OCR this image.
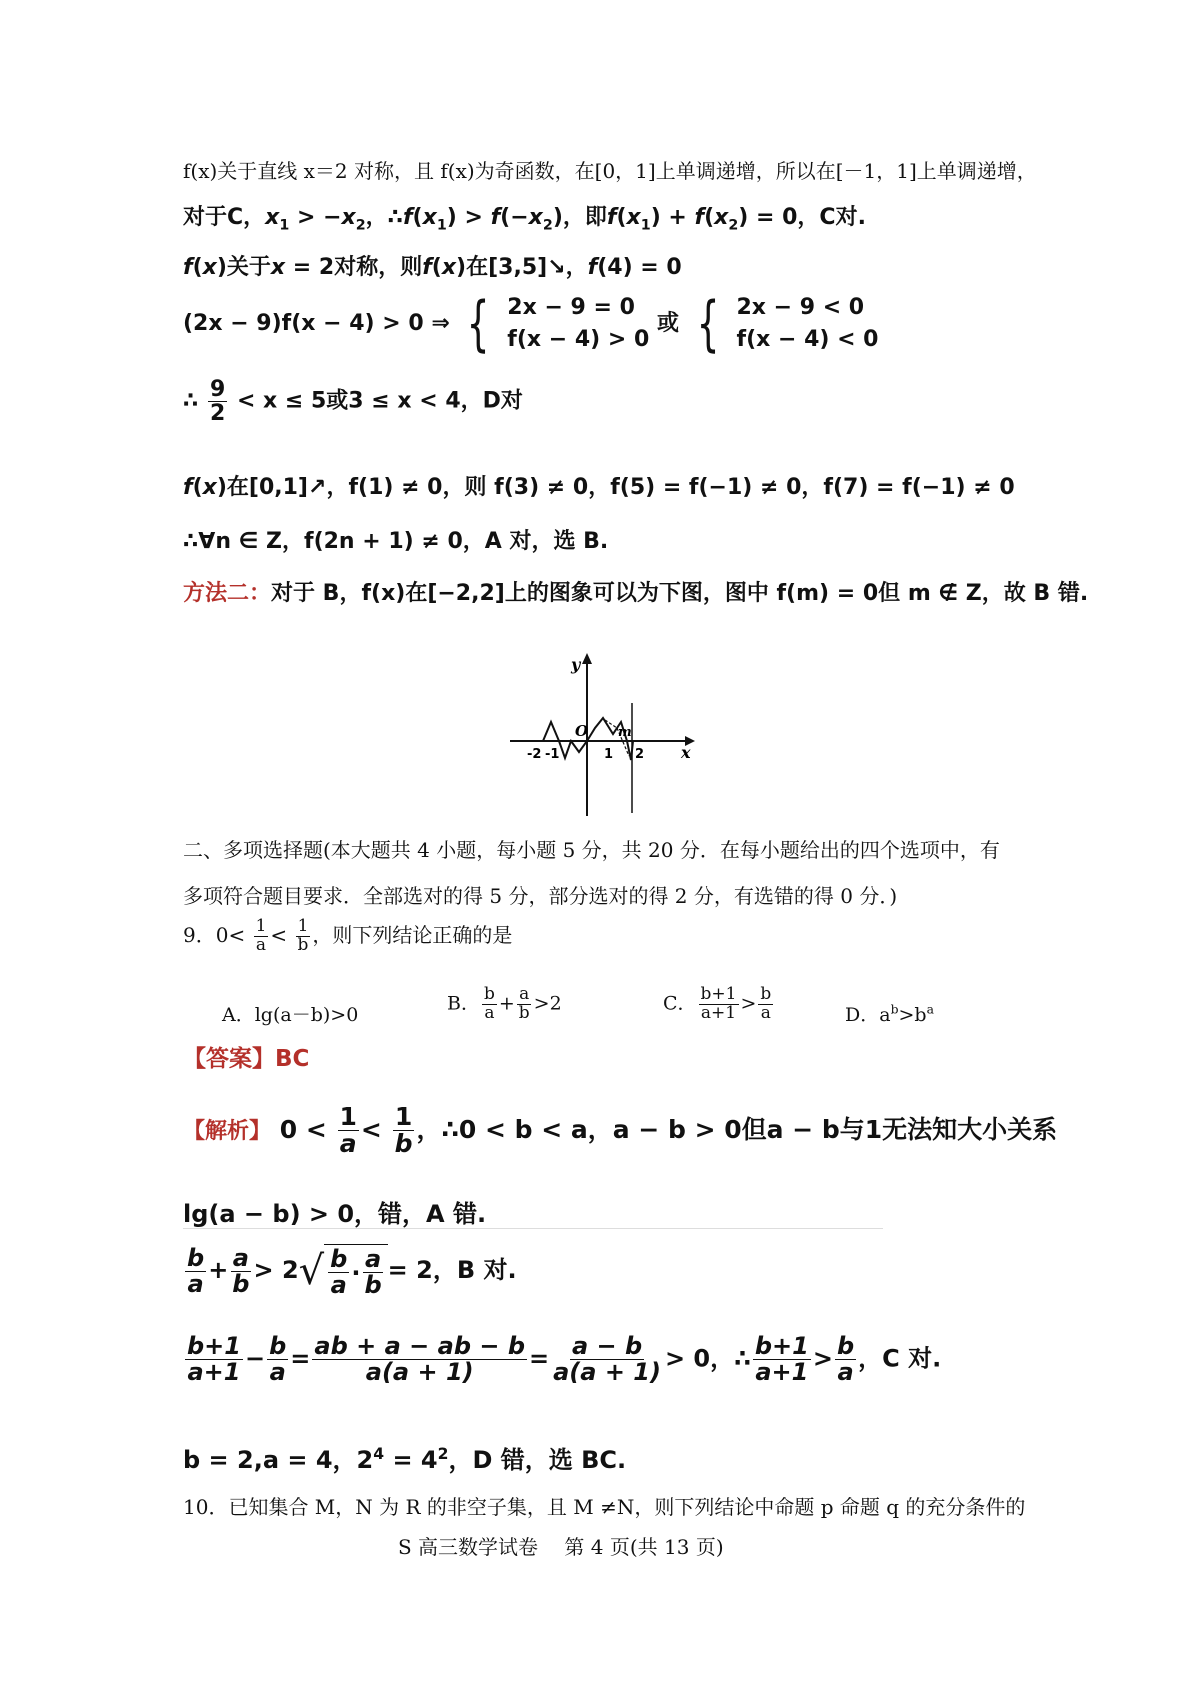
f(x)关于直线 x＝2 对称，且 f(x)为奇函数，在[0，1]上单调递增，所以在[－1，1]上单调递增，
对于C，$x_1 > -x_2$，$\therefore f(x_1) > f(-x_2)$，即$f(x_1) + f(x_2) = 0$，C对.
f(x)关于x = 2对称，则f(x)在[3,5]↘，f(4) = 0
(2x − 9)f(x − 4) > 0 ⇒ { 2x − 9 = 0
f(x − 4) > 0
或 { 2x − 9 < 0
f(x − 4) < 0
∴ $\frac{9}{2} < x \le 5$或3 ≤ x < 4，D对
f(x)在[0,1]↗，f(1) ≠ 0，则 f(3) ≠ 0，f(5) = f(−1) ≠ 0，f(7) = f(−1) ≠ 0
∴∀n ∈ Z，f(2n + 1) ≠ 0，A 对，选 B.
方法二：对于 B，f(x)在[−2,2]上的图象可以为下图，图中 f(m) = 0但 m ∉ Z，故 B 错.
y
x
O m
-2 -1	1 2
二、多项选择题(本大题共 4 小题，每小题 5 分，共 20 分．在每小题给出的四个选项中，有
多项符合题目要求．全部选对的得 5 分，部分选对的得 2 分，有选错的得 0 分．)
9．$0< \frac{1}{a} < \frac{1}{b}$ ，则下列结论正确的是
A．lg(a－b)>0
B． $\frac{b}{a} + \frac{a}{b} >2$	C． $\frac{b+1}{a+1} > \frac{b}{a}$	D．$a^b>b^a$
【答案】BC
【解析】 $0 < \frac{1}{a} < \frac{1}{b}$ ，∴0 < b < a，a − b > 0但a − b与1无法知大小关系
lg(a − b) > 0，错，A 错.
$\frac{b}{a} + \frac{a}{b} > 2$ √ $\frac{b}{a} \cdot \frac{a}{b} = 2$，B 对.
$\frac{b+1}{a+1} - \frac{b}{a} = \frac{ab + a - ab - b}{a(a + 1)} = \frac{a - b}{a(a + 1)} > 0$，∴ $\frac{b+1}{a+1} > \frac{b}{a}$ ，C 对.
b = 2,a = 4，$2^4 = 4^2$，D 错，选 BC.
10．已知集合 M，N 为 R 的非空子集，且 M ≠N，则下列结论中命题 p 命题 q 的充分条件的
S 高三数学试卷　 第 4 页(共 13 页)
